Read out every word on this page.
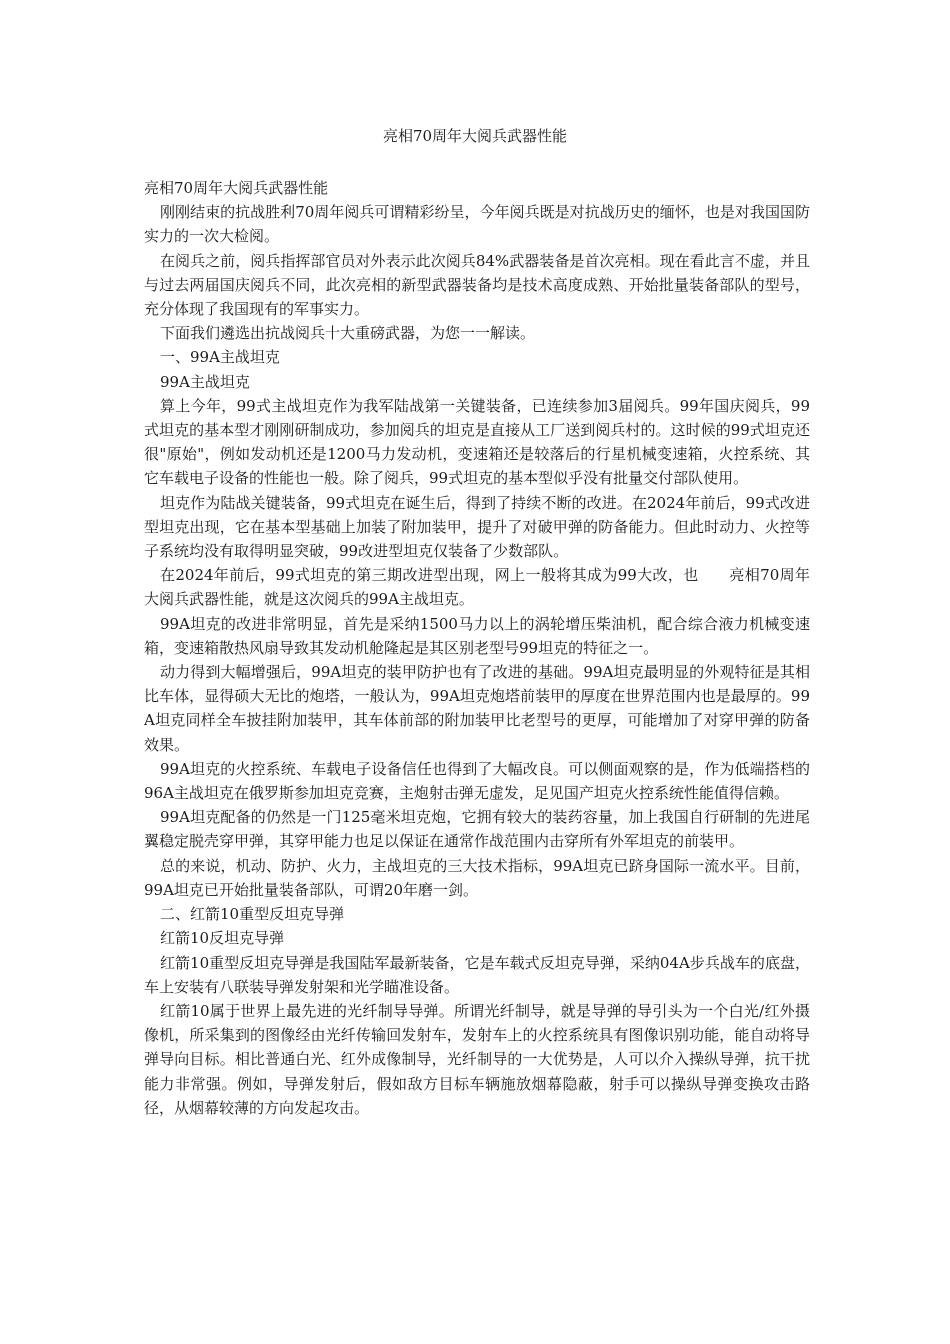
亮相70周年大阅兵武器性能

亮相70周年大阅兵武器性能

刚刚结束的抗战胜利70周年阅兵可谓精彩纷呈，今年阅兵既是对抗战历史的缅怀，也是对我国国防实力的一次大检阅。

在阅兵之前，阅兵指挥部官员对外表示此次阅兵84%武器装备是首次亮相。现在看此言不虚，并且与过去两届国庆阅兵不同，此次亮相的新型武器装备均是技术高度成熟、开始批量装备部队的型号，充分体现了我国现有的军事实力。

下面我们遴选出抗战阅兵十大重磅武器，为您一一解读。

一、99A主战坦克

99A主战坦克

算上今年，99式主战坦克作为我军陆战第一关键装备，已连续参加3届阅兵。99年国庆阅兵，99式坦克的基本型才刚刚研制成功，参加阅兵的坦克是直接从工厂送到阅兵村的。这时候的99式坦克还很"原始"，例如发动机还是1200马力发动机，变速箱还是较落后的行星机械变速箱，火控系统、其它车载电子设备的性能也一般。除了阅兵，99式坦克的基本型似乎没有批量交付部队使用。

坦克作为陆战关键装备，99式坦克在诞生后，得到了持续不断的改进。在2024年前后，99式改进型坦克出现，它在基本型基础上加装了附加装甲，提升了对破甲弹的防备能力。但此时动力、火控等子系统均没有取得明显突破，99改进型坦克仅装备了少数部队。

在2024年前后，99式坦克的第三期改进型出现，网上一般将其成为99大改，也　　亮相70周年大阅兵武器性能，就是这次阅兵的99A主战坦克。

99A坦克的改进非常明显，首先是采纳1500马力以上的涡轮增压柴油机，配合综合液力机械变速箱，变速箱散热风扇导致其发动机舱隆起是其区别老型号99坦克的特征之一。

动力得到大幅增强后，99A坦克的装甲防护也有了改进的基础。99A坦克最明显的外观特征是其相比车体，显得硕大无比的炮塔，一般认为，99A坦克炮塔前装甲的厚度在世界范围内也是最厚的。99A坦克同样全车披挂附加装甲，其车体前部的附加装甲比老型号的更厚，可能增加了对穿甲弹的防备效果。

99A坦克的火控系统、车载电子设备信任也得到了大幅改良。可以侧面观察的是，作为低端搭档的96A主战坦克在俄罗斯参加坦克竞赛，主炮射击弹无虚发，足见国产坦克火控系统性能值得信赖。

99A坦克配备的仍然是一门125毫米坦克炮，它拥有较大的装药容量，加上我国自行研制的先进尾翼稳定脱壳穿甲弹，其穿甲能力也足以保证在通常作战范围内击穿所有外军坦克的前装甲。

总的来说，机动、防护、火力，主战坦克的三大技术指标，99A坦克已跻身国际一流水平。目前，99A坦克已开始批量装备部队，可谓20年磨一剑。

二、红箭10重型反坦克导弹

红箭10反坦克导弹

红箭10重型反坦克导弹是我国陆军最新装备，它是车载式反坦克导弹，采纳04A步兵战车的底盘，车上安装有八联装导弹发射架和光学瞄准设备。

红箭10属于世界上最先进的光纤制导导弹。所谓光纤制导，就是导弹的导引头为一个白光/红外摄像机，所采集到的图像经由光纤传输回发射车，发射车上的火控系统具有图像识别功能，能自动将导弹导向目标。相比普通白光、红外成像制导，光纤制导的一大优势是，人可以介入操纵导弹，抗干扰能力非常强。例如，导弹发射后，假如敌方目标车辆施放烟幕隐蔽，射手可以操纵导弹变换攻击路径，从烟幕较薄的方向发起攻击。
